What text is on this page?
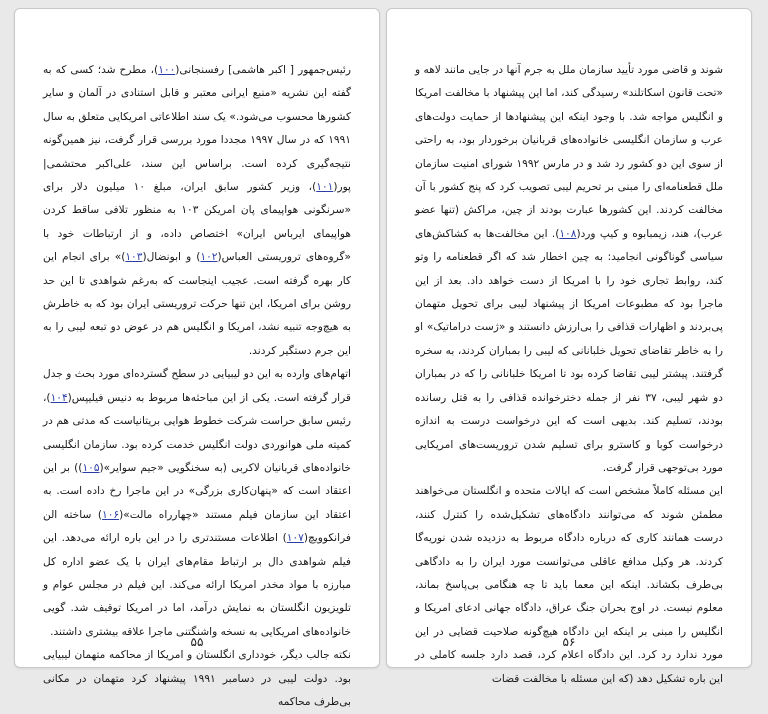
رئیس‌جمهور [ اکبر هاشمی] رفسنجانی(۱۰۰)، مطرح شد؛ کسی که به گفته این نشریه «منبع ایرانی معتبر و قابل استنادی در آلمان و سایر کشورها محسوب می‌شود.» یک سند اطلاعاتی امریکایی متعلق به سال ۱۹۹۱ که در سال ۱۹۹۷ مجددا مورد بررسی قرار گرفت، نیز همین‌گونه نتیجه‌گیری کرده است. براساس این سند، علی‌اکبر محتشمی| پور(۱۰۱)، وزیر کشور سابق ایران، مبلغ ۱۰ میلیون دلار برای «سرنگونی هواپیمای پان امریکن ۱۰۳ به منظور تلافی ساقط کردن هواپیمای ایرباس ایران» اختصاص داده، و از ارتباطات خود با «گروه‌های تروریستی العباس(۱۰۲) و ابونضال(۱۰۳)» برای انجام این کار بهره گرفته است. عجیب اینجاست که به‌رغم شواهدی تا این حد روشن برای امریکا، این تنها حرکت تروریستی ایران بود که به خاطرش به هیچ‌وجه تنبیه نشد، امریکا و انگلیس هم در عوض دو تبعه لیبی را به این جرم دستگیر کردند.

اتهام‌های وارده به این دو لیبیایی در سطح گسترده‌ای مورد بحث و جدل قرار گرفته است. یکی از این مباحثه‌ها مربوط به دنیس فیلیپس(۱۰۴)، رئیس سابق حراست شرکت خطوط هوایی بریتانیاست که مدتی هم در کمیته ملی هوانوردی دولت انگلیس خدمت کرده بود. سازمان انگلیسی خانواده‌های قربانیان لاکربی (به سخنگویی «جیم سوایر»(۱۰۵)) بر این اعتقاد است که «پنهان‌کاری بزرگی» در این ماجرا رخ داده است. به اعتقاد این سازمان فیلم مستند «چهارراه مالت»(۱۰۶) ساخته الن فرانکوویچ(۱۰۷) اطلاعات مستندتری را در این باره ارائه می‌دهد. این فیلم شواهدی دال بر ارتباط مقام‌های ایران با یک عضو اداره کل مبارزه با مواد مخدر امریکا ارائه می‌کند. این فیلم در مجلس عوام و تلویزیون انگلستان به نمایش درآمد، اما در امریکا توقیف شد. گویی خانواده‌های امریکایی به نسخه واشنگتنی ماجرا علاقه بیشتری داشتند.

نکته جالب دیگر، خودداری انگلستان و امریکا از محاکمه متهمان لیبیایی بود. دولت لیبی در دسامبر ۱۹۹۱ پیشنهاد کرد متهمان در مکانی بی‌طرف محاکمه

۵۵

شوند و قاضی مورد تأیید سازمان ملل به جرم آنها در جایی مانند لاهه و «تحت قانون اسکاتلند» رسیدگی کند، اما این پیشنهاد با مخالفت امریکا و انگلیس مواجه شد. با وجود اینکه این پیشنهادها از حمایت دولت‌های عرب و سازمان انگلیسی خانواده‌های قربانیان برخوردار بود، به راحتی از سوی این دو کشور رد شد و در مارس ۱۹۹۲ شورای امنیت سازمان ملل قطعنامه‌ای را مبنی بر تحریم لیبی تصویب کرد که پنج کشور با آن مخالفت کردند. این کشورها عبارت بودند از چین، مراکش (تنها عضو عرب)، هند، زیمبابوه و کیپ ورد(۱۰۸). این مخالفت‌ها به کشاکش‌های سیاسی گوناگونی انجامید: به چین اخطار شد که اگر قطعنامه را وتو کند، روابط تجاری خود را با امریکا از دست خواهد داد. بعد از این ماجرا بود که مطبوعات امریکا از پیشنهاد لیبی برای تحویل متهمان پی‌بردند و اظهارات قذافی را بی‌ارزش دانستند و «ژست دراماتیک» او را به خاطر تقاضای تحویل خلبانانی که لیبی را بمباران کردند، به سخره گرفتند. پیشتر لیبی تقاضا کرده بود تا امریکا خلبانانی را که در بمباران دو شهر لیبی، ۳۷ نفر از جمله دخترخوانده قذافی را به قتل رسانده بودند، تسلیم کند. بدیهی است که این درخواست درست به اندازه درخواست کوبا و کاسترو برای تسلیم شدن تروریست‌های امریکایی مورد بی‌توجهی قرار گرفت.

این مسئله کاملاً مشخص است که ایالات متحده و انگلستان می‌خواهند مطمئن شوند که می‌توانند دادگاه‌های تشکیل‌شده را کنترل کنند، درست همانند کاری که درباره دادگاه مربوط به دزدیده شدن نوریه‌گا کردند. هر وکیل مدافع عاقلی می‌توانست مورد ایران را به دادگاهی بی‌طرف بکشاند. اینکه این معما باید تا چه هنگامی بی‌پاسخ بماند، معلوم نیست. در اوج بحران جنگ عراق، دادگاه جهانی ادعای امریکا و انگلیس را مبنی بر اینکه این دادگاه هیچ‌گونه صلاحیت قضایی در این مورد ندارد رد کرد. این دادگاه اعلام کرد، قصد دارد جلسه کاملی در این باره تشکیل دهد (که این مسئله با مخالفت قضات

۵۶
